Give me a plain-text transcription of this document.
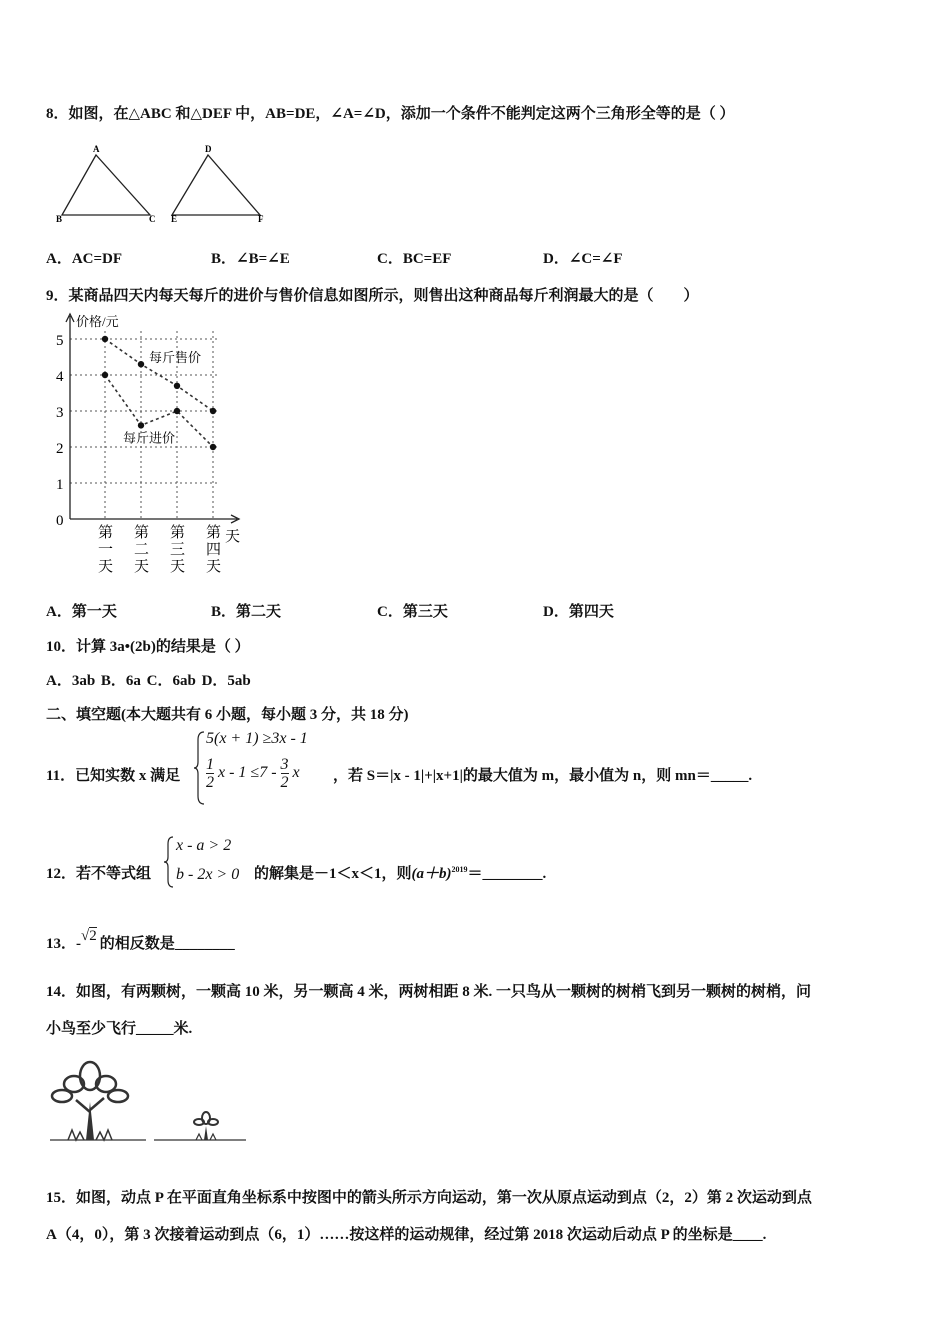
8．如图，在△ABC 和△DEF 中，AB=DE，∠A=∠D，添加一个条件不能判定这两个三角形全等的是（ ）
A
B	C
D
E	F
A．AC=DF	B．∠B=∠E	C．BC=EF	D．∠C=∠F
9．某商品四天内每天每斤的进价与售价信息如图所示，则售出这种商品每斤利润最大的是（　　）
0
1
2
3
4
5
价格/元
天
第
一
天
第
二
天
第
三
天
第
四
天
每斤售价
每斤进价
A．第一天	B．第二天	C．第三天	D．第四天
10．计算 3a•(2b)的结果是（ ）
A．3ab B．6a C．6ab D．5ab
二、填空题(本大题共有 6 小题，每小题 3 分，共 18 分)
11．已知实数 x 满足
5(x + 1) ≥3x - 1
$\frac{1}{2}$ $x - 1 \le 7 - \frac{3}{2}$ x ，若 S＝|x - 1|+|x+1|的最大值为 m，最小值为 n，则 mn＝_____.
12．若不等式组
x - a > 2
b - 2x > 0 的解集是－1＜x＜1，则$(a+b)^{2019}=\_\_\_\_\_\_\_\_$.
13．-√2 的相反数是________
14．如图，有两颗树，一颗高 10 米，另一颗高 4 米，两树相距 8 米. 一只鸟从一颗树的树梢飞到另一颗树的树梢，问
小鸟至少飞行_____米.
15．如图，动点 P 在平面直角坐标系中按图中的箭头所示方向运动，第一次从原点运动到点（2，2）第 2 次运动到点
A（4，0），第 3 次接着运动到点（6，1）……按这样的运动规律，经过第 2018 次运动后动点 P 的坐标是____.
